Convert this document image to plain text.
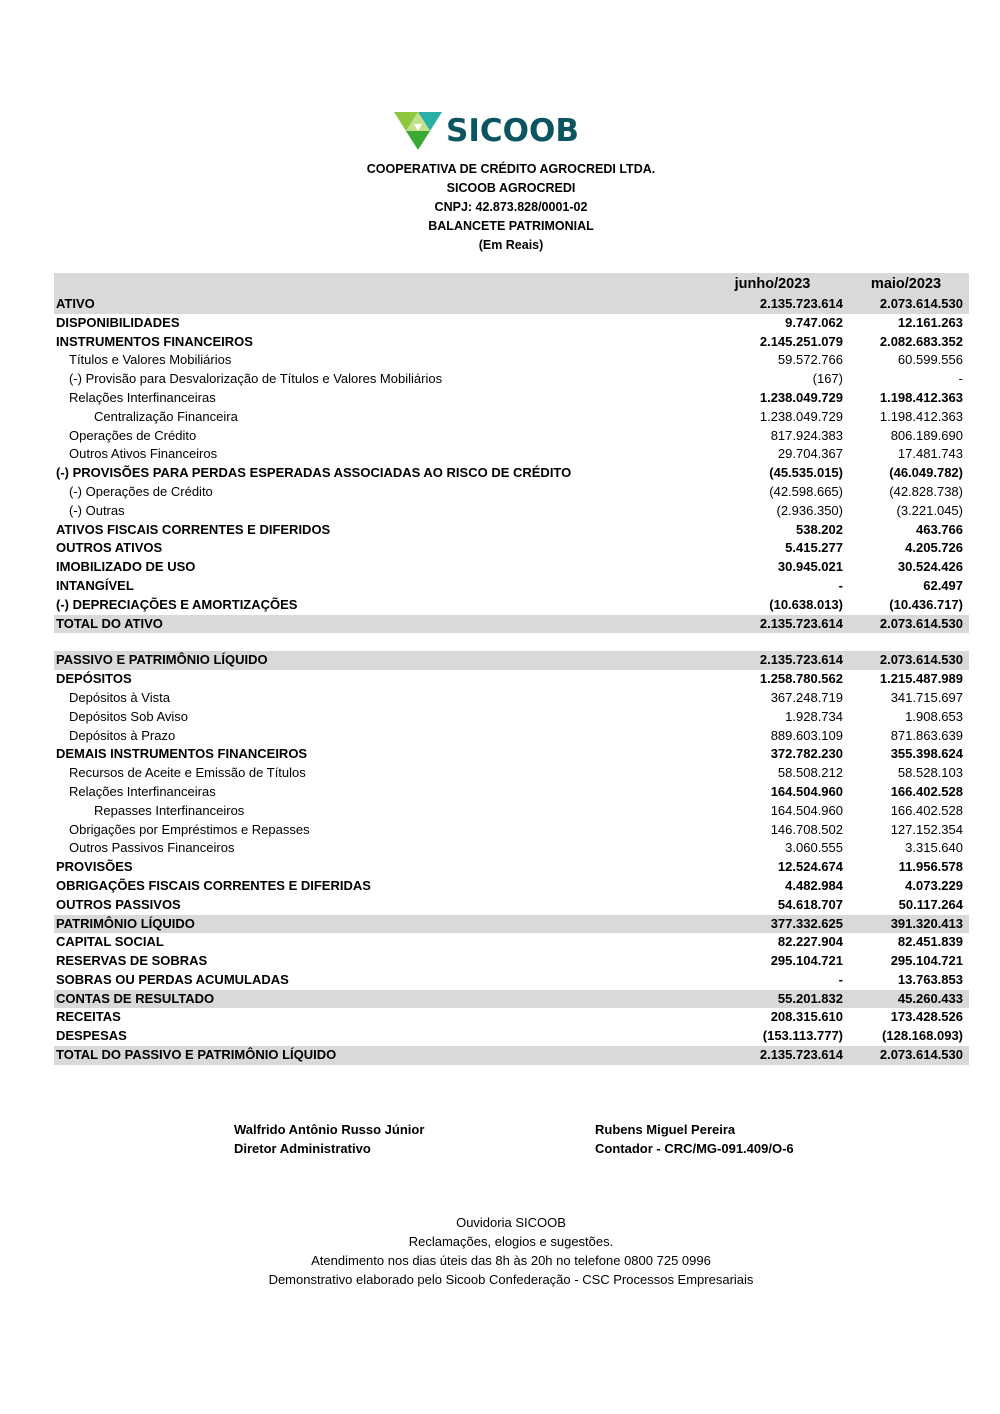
SICOOB
COOPERATIVA DE CRÉDITO AGROCREDI LTDA.
SICOOB AGROCREDI
CNPJ: 42.873.828/0001-02
BALANCETE PATRIMONIAL
(Em Reais)
	junho/2023	maio/2023
ATIVO	2.135.723.614	2.073.614.530
DISPONIBILIDADES	9.747.062	12.161.263
INSTRUMENTOS FINANCEIROS	2.145.251.079	2.082.683.352
Títulos e Valores Mobiliários	59.572.766	60.599.556
(-) Provisão para Desvalorização de Títulos e Valores Mobiliários	(167)	-
Relações Interfinanceiras	1.238.049.729	1.198.412.363
Centralização Financeira	1.238.049.729	1.198.412.363
Operações de Crédito	817.924.383	806.189.690
Outros Ativos Financeiros	29.704.367	17.481.743
(-) PROVISÕES PARA PERDAS ESPERADAS ASSOCIADAS AO RISCO DE CRÉDITO	(45.535.015)	(46.049.782)
(-) Operações de Crédito	(42.598.665)	(42.828.738)
(-) Outras	(2.936.350)	(3.221.045)
ATIVOS FISCAIS CORRENTES E DIFERIDOS	538.202	463.766
OUTROS ATIVOS	5.415.277	4.205.726
IMOBILIZADO DE USO	30.945.021	30.524.426
INTANGÍVEL	-	62.497
(-) DEPRECIAÇÕES E AMORTIZAÇÕES	(10.638.013)	(10.436.717)
TOTAL DO ATIVO	2.135.723.614	2.073.614.530

PASSIVO E PATRIMÔNIO LÍQUIDO	2.135.723.614	2.073.614.530
DEPÓSITOS	1.258.780.562	1.215.487.989
Depósitos à Vista	367.248.719	341.715.697
Depósitos Sob Aviso	1.928.734	1.908.653
Depósitos à Prazo	889.603.109	871.863.639
DEMAIS INSTRUMENTOS FINANCEIROS	372.782.230	355.398.624
Recursos de Aceite e Emissão de Títulos	58.508.212	58.528.103
Relações Interfinanceiras	164.504.960	166.402.528
Repasses Interfinanceiros	164.504.960	166.402.528
Obrigações por Empréstimos e Repasses	146.708.502	127.152.354
Outros Passivos Financeiros	3.060.555	3.315.640
PROVISÕES	12.524.674	11.956.578
OBRIGAÇÕES FISCAIS CORRENTES E DIFERIDAS	4.482.984	4.073.229
OUTROS PASSIVOS	54.618.707	50.117.264
PATRIMÔNIO LÍQUIDO	377.332.625	391.320.413
CAPITAL SOCIAL	82.227.904	82.451.839
RESERVAS DE SOBRAS	295.104.721	295.104.721
SOBRAS OU PERDAS ACUMULADAS	-	13.763.853
CONTAS DE RESULTADO	55.201.832	45.260.433
RECEITAS	208.315.610	173.428.526
DESPESAS	(153.113.777)	(128.168.093)
TOTAL DO PASSIVO E PATRIMÔNIO LÍQUIDO	2.135.723.614	2.073.614.530
Walfrido Antônio Russo Júnior
Diretor Administrativo
Rubens Miguel Pereira
Contador - CRC/MG-091.409/O-6
Ouvidoria SICOOB
Reclamações, elogios e sugestões.
Atendimento nos dias úteis das 8h às 20h no telefone 0800 725 0996
Demonstrativo elaborado pelo Sicoob Confederação - CSC Processos Empresariais
